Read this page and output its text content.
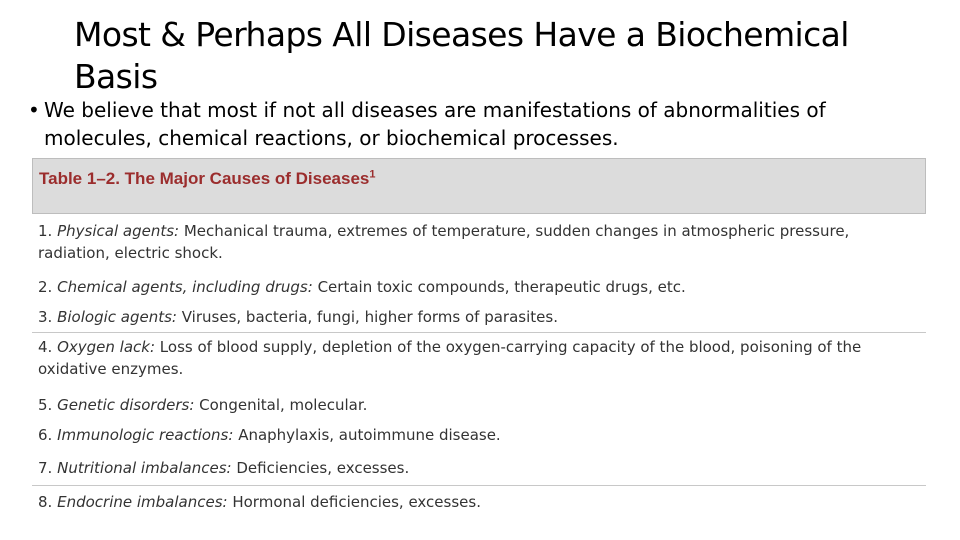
Most & Perhaps All Diseases Have a Biochemical Basis
• We believe that most if not all diseases are manifestations of abnormalities of molecules, chemical reactions, or biochemical processes.
Table 1–2. The Major Causes of Diseases$^1$
1. Physical agents: Mechanical trauma, extremes of temperature, sudden changes in atmospheric pressure, radiation, electric shock.
2. Chemical agents, including drugs: Certain toxic compounds, therapeutic drugs, etc.
3. Biologic agents: Viruses, bacteria, fungi, higher forms of parasites.
4. Oxygen lack: Loss of blood supply, depletion of the oxygen-carrying capacity of the blood, poisoning of the oxidative enzymes.
5. Genetic disorders: Congenital, molecular.
6. Immunologic reactions: Anaphylaxis, autoimmune disease.
7. Nutritional imbalances: Deficiencies, excesses.
8. Endocrine imbalances: Hormonal deficiencies, excesses.
